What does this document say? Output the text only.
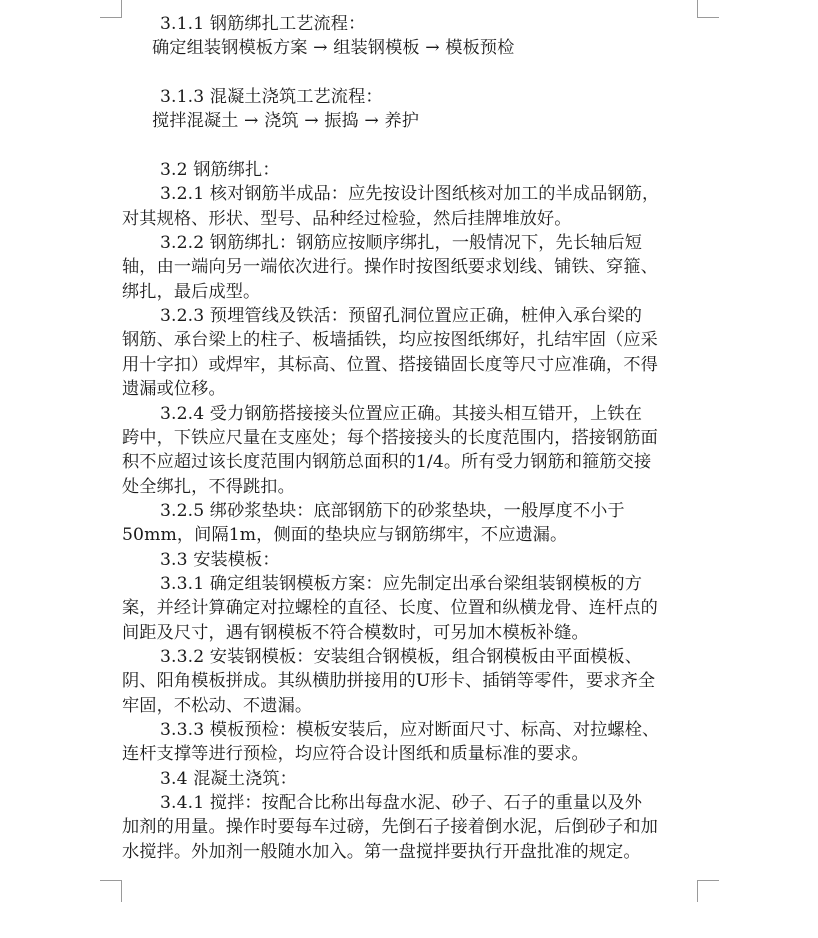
3.1.1 钢筋绑扎工艺流程：
确定组装钢模板方案 → 组装钢模板 → 模板预检
3.1.3 混凝土浇筑工艺流程：
搅拌混凝土 → 浇筑 → 振捣 → 养护
3.2 钢筋绑扎：
3.2.1 核对钢筋半成品：应先按设计图纸核对加工的半成品钢筋，
对其规格、形状、型号、品种经过检验，然后挂牌堆放好。
3.2.2 钢筋绑扎：钢筋应按顺序绑扎，一般情况下，先长轴后短
轴，由一端向另一端依次进行。操作时按图纸要求划线、铺铁、穿箍、
绑扎，最后成型。
3.2.3 预埋管线及铁活：预留孔洞位置应正确，桩伸入承台梁的
钢筋、承台梁上的柱子、板墙插铁，均应按图纸绑好，扎结牢固（应采
用十字扣）或焊牢，其标高、位置、搭接锚固长度等尺寸应准确，不得
遗漏或位移。
3.2.4 受力钢筋搭接接头位置应正确。其接头相互错开，上铁在
跨中，下铁应尺量在支座处；每个搭接接头的长度范围内，搭接钢筋面
积不应超过该长度范围内钢筋总面积的1/4。所有受力钢筋和箍筋交接
处全绑扎，不得跳扣。
3.2.5 绑砂浆垫块：底部钢筋下的砂浆垫块，一般厚度不小于
50mm，间隔1m，侧面的垫块应与钢筋绑牢，不应遗漏。
3.3 安装模板：
3.3.1 确定组装钢模板方案：应先制定出承台梁组装钢模板的方
案，并经计算确定对拉螺栓的直径、长度、位置和纵横龙骨、连杆点的
间距及尺寸，遇有钢模板不符合模数时，可另加木模板补缝。
3.3.2 安装钢模板：安装组合钢模板，组合钢模板由平面模板、
阴、阳角模板拼成。其纵横肋拼接用的U形卡、插销等零件，要求齐全
牢固，不松动、不遗漏。
3.3.3 模板预检：模板安装后，应对断面尺寸、标高、对拉螺栓、
连杆支撑等进行预检，均应符合设计图纸和质量标准的要求。
3.4 混凝土浇筑：
3.4.1 搅拌：按配合比称出每盘水泥、砂子、石子的重量以及外
加剂的用量。操作时要每车过磅，先倒石子接着倒水泥，后倒砂子和加
水搅拌。外加剂一般随水加入。第一盘搅拌要执行开盘批准的规定。
